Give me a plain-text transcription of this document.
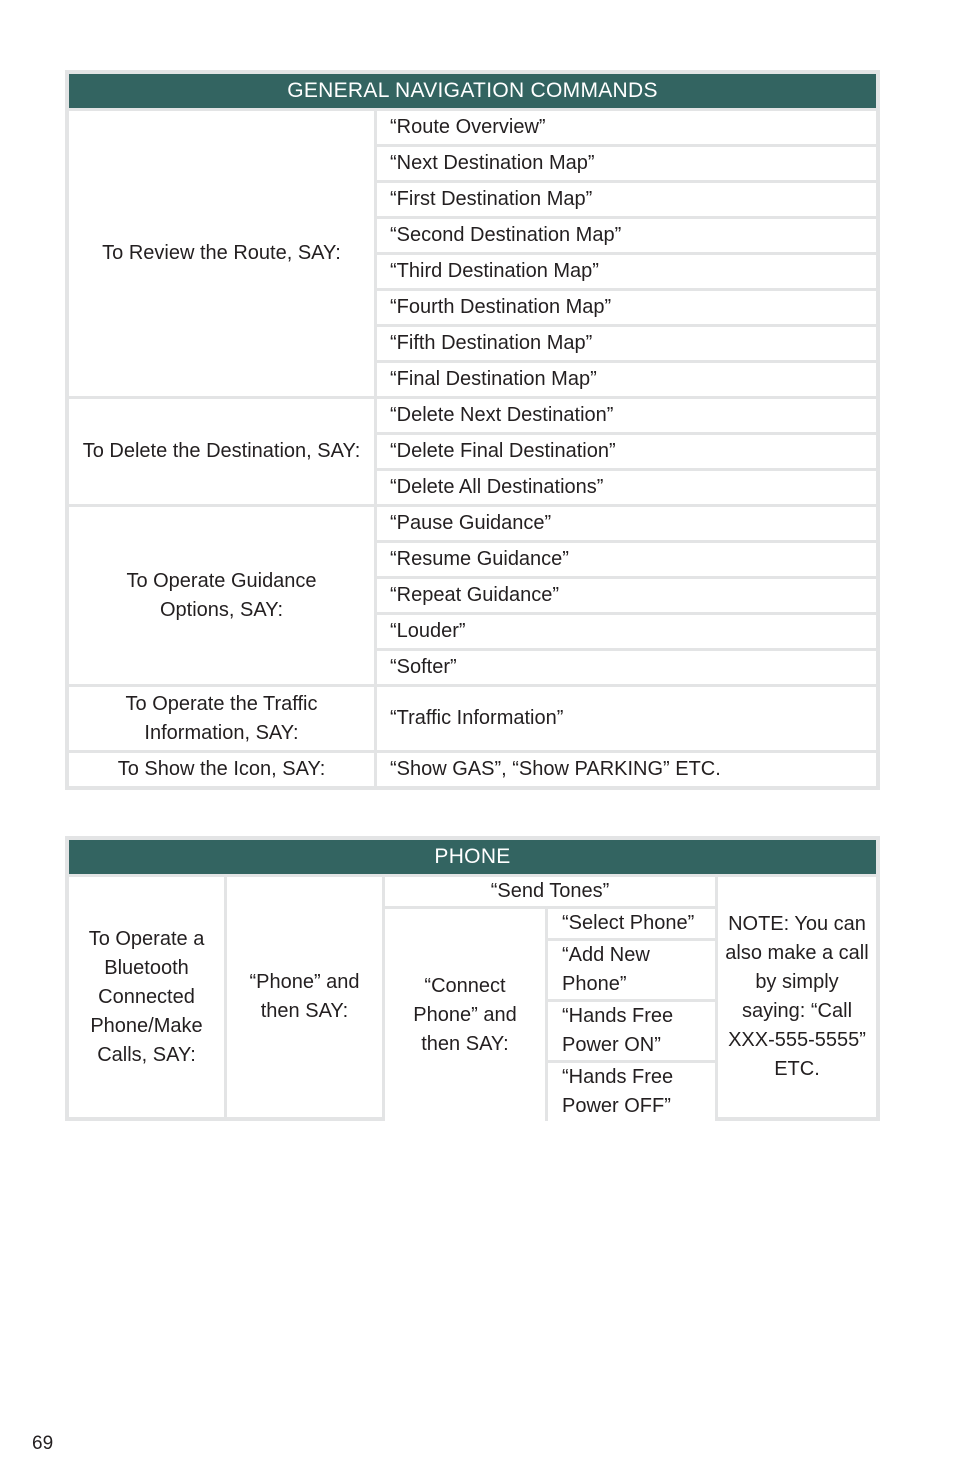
GENERAL NAVIGATION COMMANDS
To Review the Route, SAY:
“Route Overview”
“Next Destination Map”
“First Destination Map”
“Second Destination Map”
“Third Destination Map”
“Fourth Destination Map”
“Fifth Destination Map”
“Final Destination Map”
To Delete the Destination, SAY:
“Delete Next Destination”
“Delete Final Destination”
“Delete All Destinations”
To Operate Guidance Options, SAY:
“Pause Guidance”
“Resume Guidance”
“Repeat Guidance”
“Louder”
“Softer”
To Operate the Traffic Information, SAY:
“Traffic Information”
To Show the Icon, SAY:	“Show GAS”, “Show PARKING” ETC.
PHONE
To Operate a Bluetooth Connected Phone/Make Calls, SAY:
“Phone” and then SAY:
“Send Tones”
“Connect Phone” and then SAY:
“Select Phone”
“Add New Phone”
“Hands Free Power ON”
“Hands Free Power OFF”
NOTE: You can also make a call by simply saying: “Call XXX-555-5555” ETC.
69
